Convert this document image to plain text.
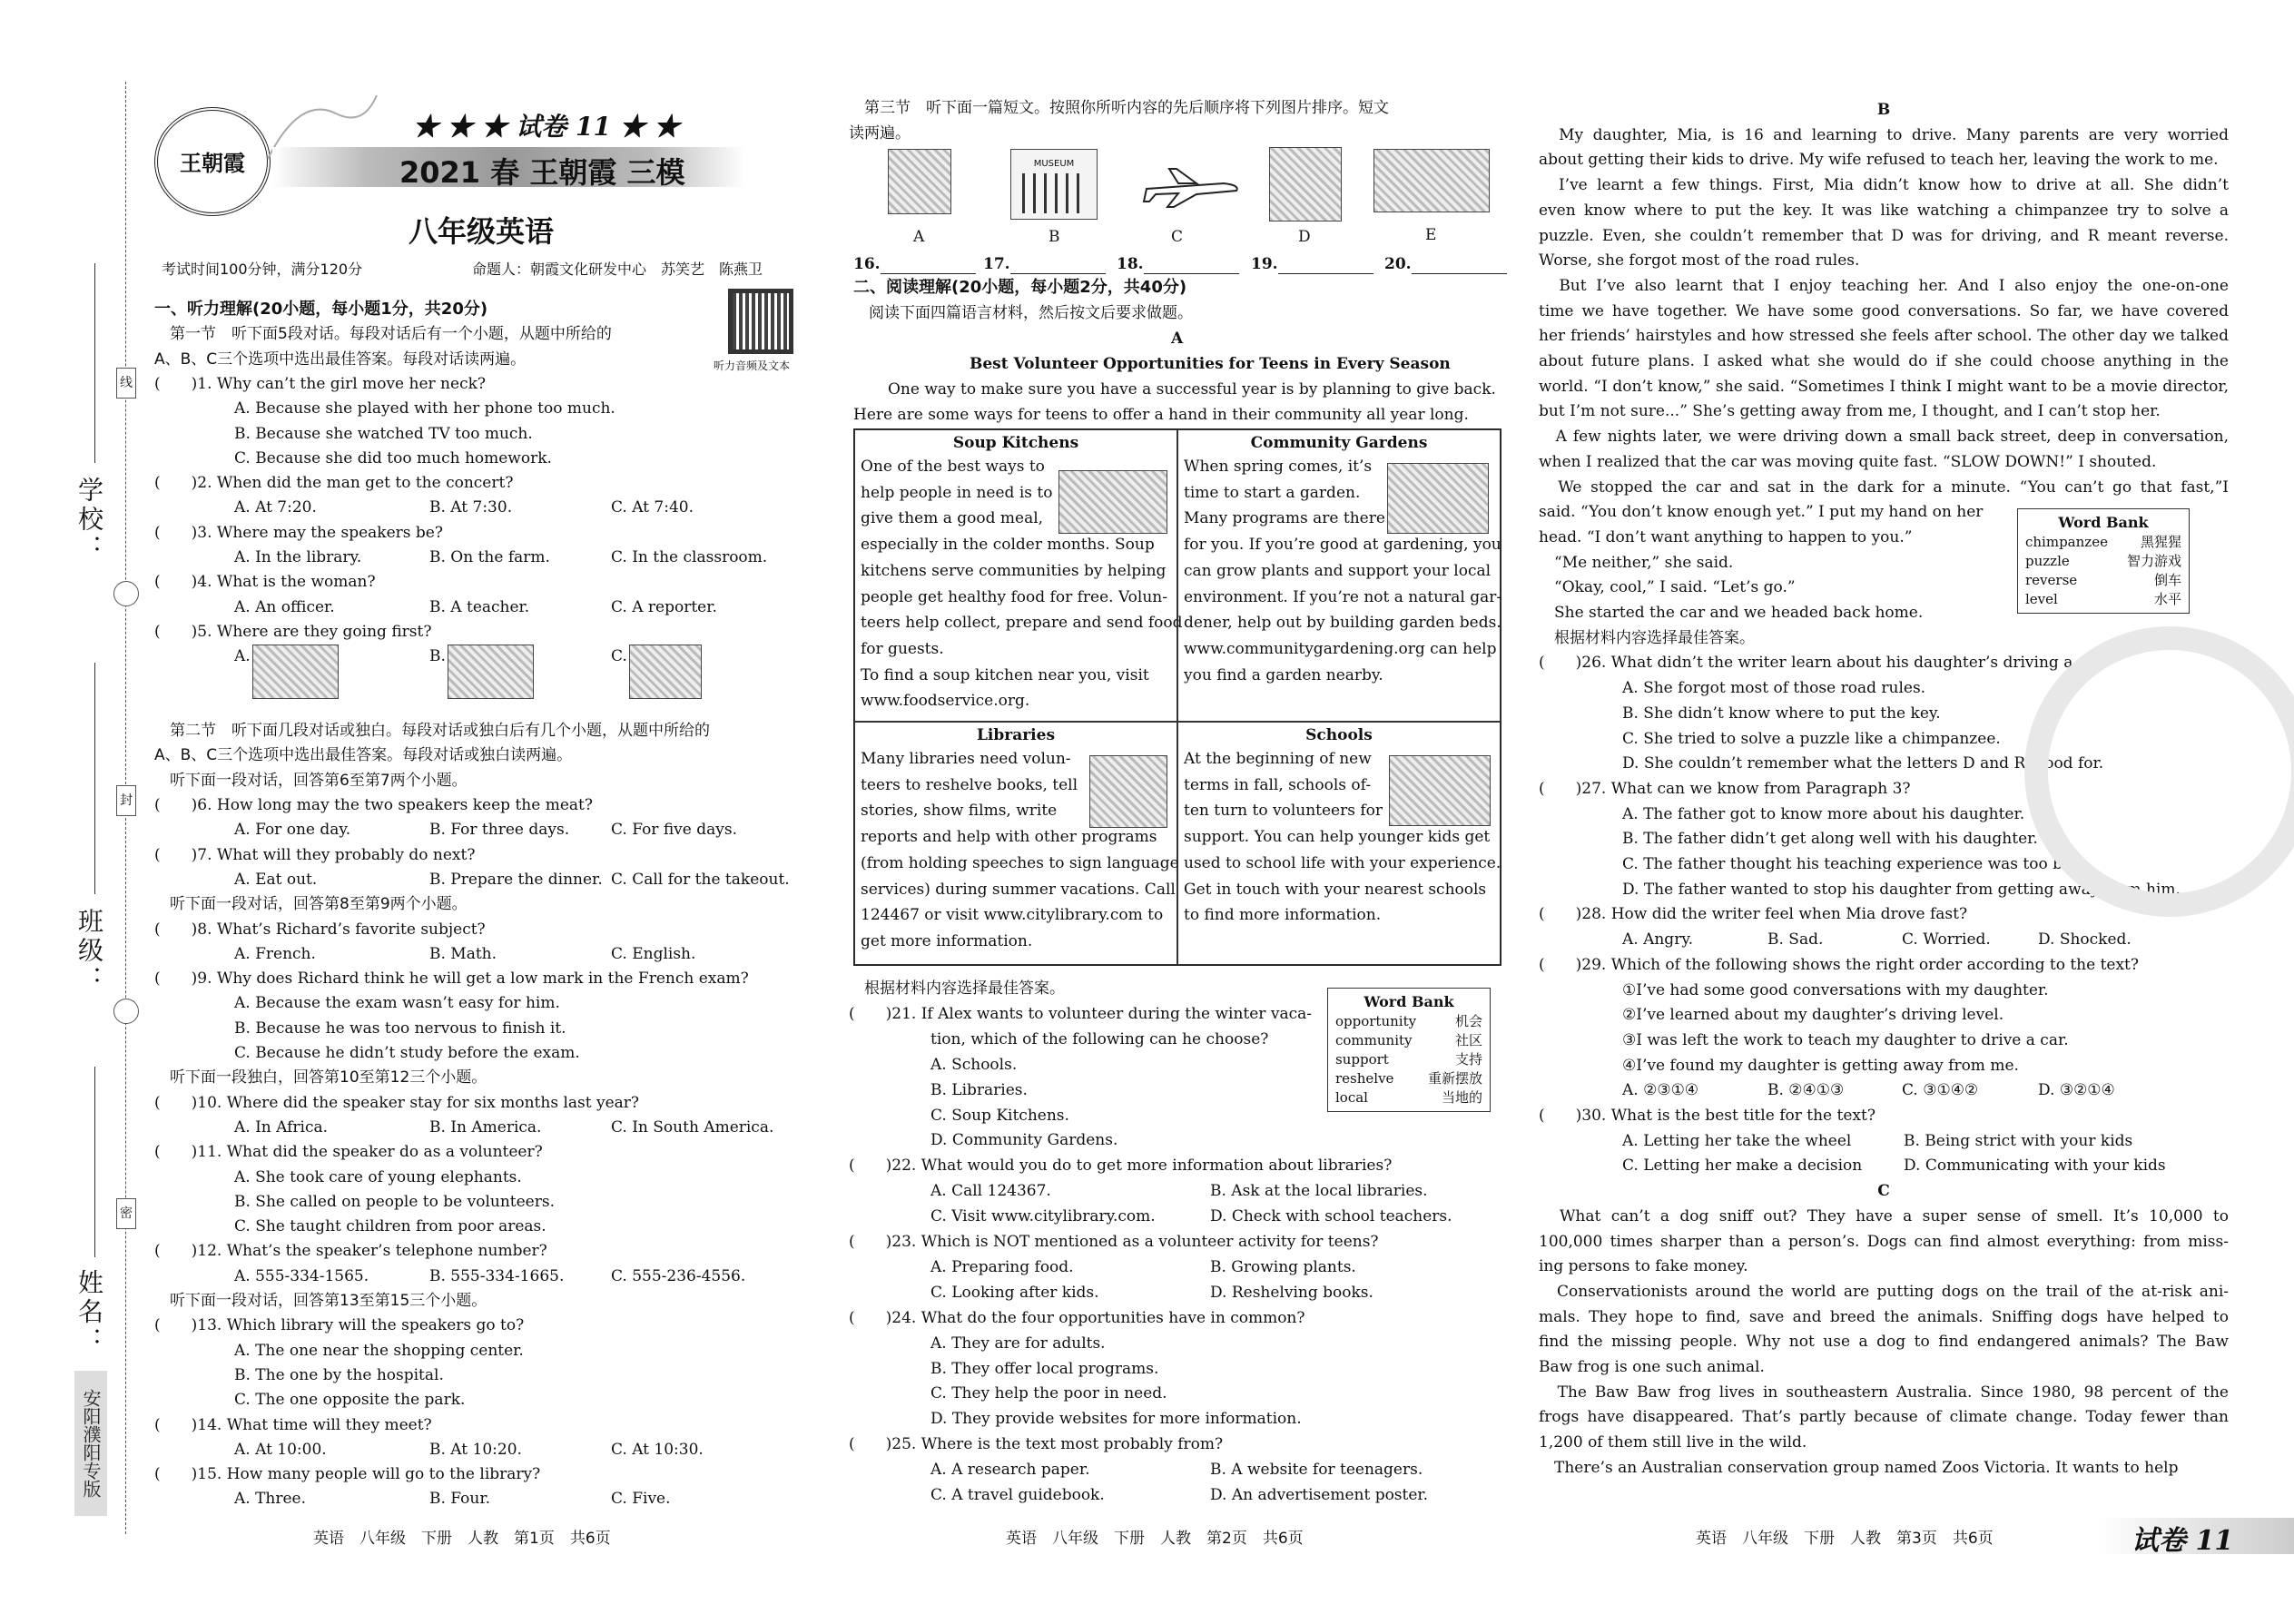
学校：
班级：
姓名：
线
封
密
安阳濮阳专版
王朝霞
★ ★ ★ 试卷 11 ★ ★
2021 春 王朝霞 三模
八年级英语
考试时间100分钟，满分120分	命题人：朝霞文化研发中心　苏笑艺　陈燕卫
听力音频及文本
一、听力理解(20小题，每小题1分，共20分)
　第一节　听下面5段对话。每段对话后有一个小题，从题中所给的
A、B、C三个选项中选出最佳答案。每段对话读两遍。
(　　)1. Why can’t the girl move her neck?
A. Because she played with her phone too much.
B. Because she watched TV too much.
C. Because she did too much homework.
(　　)2. When did the man get to the concert?
A. At 7:20.	B. At 7:30.	C. At 7:40.
(　　)3. Where may the speakers be?
A. In the library.	B. On the farm.	C. In the classroom.
(　　)4. What is the woman?
A. An officer.	B. A teacher.	C. A reporter.
(　　)5. Where are they going first?
A.	B.	C.
　第二节　听下面几段对话或独白。每段对话或独白后有几个小题，从题中所给的
A、B、C三个选项中选出最佳答案。每段对话或独白读两遍。
　听下面一段对话，回答第6至第7两个小题。
(　　)6. How long may the two speakers keep the meat?
A. For one day.	B. For three days.	C. For five days.
(　　)7. What will they probably do next?
A. Eat out.	B. Prepare the dinner. C. Call for the takeout.
　听下面一段对话，回答第8至第9两个小题。
(　　)8. What’s Richard’s favorite subject?
A. French.	B. Math.	C. English.
(　　)9. Why does Richard think he will get a low mark in the French exam?
A. Because the exam wasn’t easy for him.
B. Because he was too nervous to finish it.
C. Because he didn’t study before the exam.
　听下面一段独白，回答第10至第12三个小题。
(　　)10. Where did the speaker stay for six months last year?
A. In Africa.	B. In America.	C. In South America.
(　　)11. What did the speaker do as a volunteer?
A. She took care of young elephants.
B. She called on people to be volunteers.
C. She taught children from poor areas.
(　　)12. What’s the speaker’s telephone number?
A. 555-334-1565.	B. 555-334-1665.	C. 555-236-4556.
　听下面一段对话，回答第13至第15三个小题。
(　　)13. Which library will the speakers go to?
A. The one near the shopping center.
B. The one by the hospital.
C. The one opposite the park.
(　　)14. What time will they meet?
A. At 10:00.	B. At 10:20.	C. At 10:30.
(　　)15. How many people will go to the library?
A. Three.	B. Four.	C. Five.
　第三节　听下面一篇短文。按照你所听内容的先后顺序将下列图片排序。短文
读两遍。
　根据材料内容选择最佳答案。
(　　)21. If Alex wants to volunteer during the winter vaca-
tion, which of the following can he choose?
A. Schools.
B. Libraries.
C. Soup Kitchens.
D. Community Gardens.
(　　)22. What would you do to get more information about libraries?
A. Call 124367.	B. Ask at the local libraries.
C. Visit www.citylibrary.com.	D. Check with school teachers.
(　　)23. Which is NOT mentioned as a volunteer activity for teens?
A. Preparing food.	B. Growing plants.
C. Looking after kids.	D. Reshelving books.
(　　)24. What do the four opportunities have in common?
A. They are for adults.
B. They offer local programs.
C. They help the poor in need.
D. They provide websites for more information.
(　　)25. Where is the text most probably from?
A. A research paper.	B. A website for teenagers.
C. A travel guidebook.	D. An advertisement poster.
MUSEUM
A	B	C	D	E
16.	17.	18.	19.	20.
二、阅读理解(20小题，每小题2分，共40分)
　阅读下面四篇语言材料，然后按文后要求做题。
A
Best Volunteer Opportunities for Teens in Every Season
One way to make sure you have a successful year is by planning to give back.
Here are some ways for teens to offer a hand in their community all year long.
Soup Kitchens
One of the best ways to
help people in need is to
give them a good meal,
especially in the colder months. Soup
kitchens serve communities by helping
people get healthy food for free. Volun-
teers help collect, prepare and send food
for guests.
To find a soup kitchen near you, visit
www.foodservice.org.
Community Gardens
When spring comes, it’s
time to start a garden.
Many programs are there
for you. If you’re good at gardening, you
can grow plants and support your local
environment. If you’re not a natural gar-
dener, help out by building garden beds.
www.communitygardening.org can help
you find a garden nearby.
Libraries
Many libraries need volun-
teers to reshelve books, tell
stories, show films, write
reports and help with other programs
(from holding speeches to sign language
services) during summer vacations. Call
124467 or visit www.citylibrary.com to
get more information.
Schools
At the beginning of new
terms in fall, schools of-
ten turn to volunteers for
support. You can help younger kids get
used to school life with your experience.
Get in touch with your nearest schools
to find more information.
Word Bank
opportunity	机会
community	社区
support	支持
reshelve	重新摆放
local	当地的
B
　My daughter, Mia, is 16 and learning to drive. Many parents are very worried
about getting their kids to drive. My wife refused to teach her, leaving the work to me.
　I’ve learnt a few things. First, Mia didn’t know how to drive at all. She didn’t
even know where to put the key. It was like watching a chimpanzee try to solve a
puzzle. Even, she couldn’t remember that D was for driving, and R meant reverse.
Worse, she forgot most of the road rules.
　But I’ve also learnt that I enjoy teaching her. And I also enjoy the one-on-one
time we have together. We have some good conversations. So far, we have covered
her friends’ hairstyles and how stressed she feels after school. The other day we talked
about future plans. I asked what she would do if she could choose anything in the
world. “I don’t know,” she said. “Sometimes I think I might want to be a movie director,
but I’m not sure...” She’s getting away from me, I thought, and I can’t stop her.
　A few nights later, we were driving down a small back street, deep in conversation,
when I realized that the car was moving quite fast. “SLOW DOWN!” I shouted.
　We stopped the car and sat in the dark for a minute. “You can’t go that fast,”I
said. “You don’t know enough yet.” I put my hand on her
head. “I don’t want anything to happen to you.”
　“Me neither,” she said.
　“Okay, cool,” I said. “Let’s go.”
　She started the car and we headed back home.
　根据材料内容选择最佳答案。
(　　)26. What didn’t the writer learn about his daughter’s driving a car?
A. She forgot most of those road rules.
B. She didn’t know where to put the key.
C. She tried to solve a puzzle like a chimpanzee.
D. She couldn’t remember what the letters D and R stood for.
(　　)27. What can we know from Paragraph 3?
A. The father got to know more about his daughter.
B. The father didn’t get along well with his daughter.
C. The father thought his teaching experience was too bad.
D. The father wanted to stop his daughter from getting away from him.
(　　)28. How did the writer feel when Mia drove fast?
A. Angry.	B. Sad.	C. Worried.	D. Shocked.
(　　)29. Which of the following shows the right order according to the text?
①I’ve had some good conversations with my daughter.
②I’ve learned about my daughter’s driving level.
③I was left the work to teach my daughter to drive a car.
④I’ve found my daughter is getting away from me.
A. ②③①④	B. ②④①③	C. ③①④②	D. ③②①④
(　　)30. What is the best title for the text?
A. Letting her take the wheel	B. Being strict with your kids
C. Letting her make a decision	D. Communicating with your kids
C
　What can’t a dog sniff out? They have a super sense of smell. It’s 10,000 to
100,000 times sharper than a person’s. Dogs can find almost everything: from miss-
ing persons to fake money.
　Conservationists around the world are putting dogs on the trail of the at-risk ani-
mals. They hope to find, save and breed the animals. Sniffing dogs have helped to
find the missing people. Why not use a dog to find endangered animals? The Baw
Baw frog is one such animal.
　The Baw Baw frog lives in southeastern Australia. Since 1980, 98 percent of the
frogs have disappeared. That’s partly because of climate change. Today fewer than
1,200 of them still live in the wild.
　There’s an Australian conservation group named Zoos Victoria. It wants to help
Word Bank
chimpanzee 黑猩猩
puzzle	智力游戏
reverse	倒车
level	水平
英语　八年级　下册　人教　第1页　共6页	英语　八年级　下册　人教　第2页　共6页	英语　八年级　下册　人教　第3页　共6页	试卷 11
